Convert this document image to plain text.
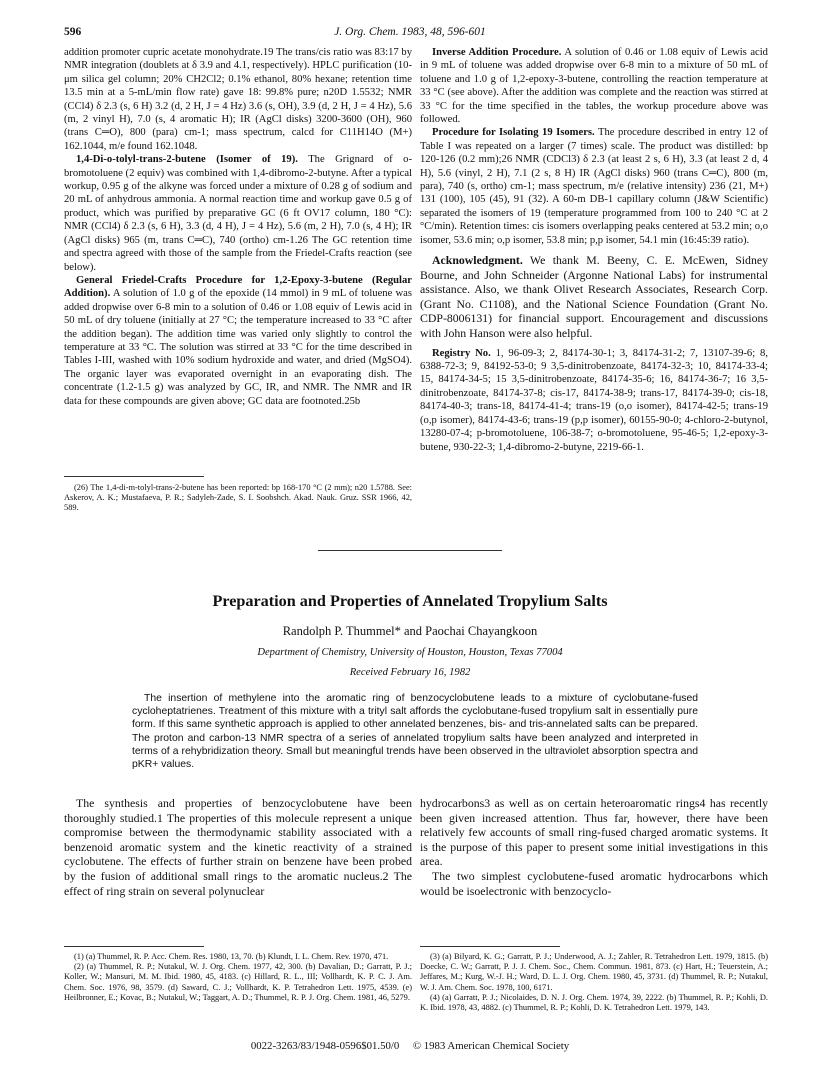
596	J. Org. Chem. 1983, 48, 596-601

addition promoter cupric acetate monohydrate.19 The trans/cis ratio was 83:17 by NMR integration (doublets at δ 3.9 and 4.1, respectively). HPLC purification (10-μm silica gel column; 20% CH2Cl2; 0.1% ethanol, 80% hexane; retention time 13.5 min at a 5-mL/min flow rate) gave 18: 99.8% pure; n20D 1.5532; NMR (CCl4) δ 2.3 (s, 6 H) 3.2 (d, 2 H, J = 4 Hz) 3.6 (s, OH), 3.9 (d, 2 H, J = 4 Hz), 5.6 (m, 2 vinyl H), 7.0 (s, 4 aromatic H); IR (AgCl disks) 3200-3600 (OH), 960 (trans C═O), 800 (para) cm-1; mass spectrum, calcd for C11H14O (M+) 162.1044, m/e found 162.1048.

1,4-Di-o-tolyl-trans-2-butene (Isomer of 19). The Grignard of o-bromotoluene (2 equiv) was combined with 1,4-dibromo-2-butyne. After a typical workup, 0.95 g of the alkyne was forced under a mixture of 0.28 g of sodium and 20 mL of anhydrous ammonia. A normal reaction time and workup gave 0.5 g of product, which was purified by preparative GC (6 ft OV17 column, 180 °C): NMR (CCl4) δ 2.3 (s, 6 H), 3.3 (d, 4 H), J = 4 Hz), 5.6 (m, 2 H), 7.0 (s, 4 H); IR (AgCl disks) 965 (m, trans C═C), 740 (ortho) cm-1.26 The GC retention time and spectra agreed with those of the sample from the Friedel-Crafts reaction (see below).

General Friedel-Crafts Procedure for 1,2-Epoxy-3-butene (Regular Addition). A solution of 1.0 g of the epoxide (14 mmol) in 9 mL of toluene was added dropwise over 6-8 min to a solution of 0.46 or 1.08 equiv of Lewis acid in 50 mL of dry toluene (initially at 27 °C; the temperature increased to 33 °C after the addition began). The addition time was varied only slightly to control the temperature at 33 °C. The solution was stirred at 33 °C for the time described in Tables I-III, washed with 10% sodium hydroxide and water, and dried (MgSO4). The organic layer was evaporated overnight in an evaporating dish. The concentrate (1.2-1.5 g) was analyzed by GC, IR, and NMR. The NMR and IR data for these compounds are given above; GC data are footnoted.25b

(26) The 1,4-di-m-tolyl-trans-2-butene has been reported: bp 168-170 °C (2 mm); n20 1.5788. See: Askerov, A. K.; Mustafaeva, P. R.; Sadyleh-Zade, S. I. Soobshch. Akad. Nauk. Gruz. SSR 1966, 42, 589.

Inverse Addition Procedure. A solution of 0.46 or 1.08 equiv of Lewis acid in 9 mL of toluene was added dropwise over 6-8 min to a mixture of 50 mL of toluene and 1.0 g of 1,2-epoxy-3-butene, controlling the reaction temperature at 33 °C (see above). After the addition was complete and the reaction was stirred at 33 °C for the time specified in the tables, the workup procedure above was followed.

Procedure for Isolating 19 Isomers. The procedure described in entry 12 of Table I was repeated on a larger (7 times) scale. The product was distilled: bp 120-126 (0.2 mm);26 NMR (CDCl3) δ 2.3 (at least 2 s, 6 H), 3.3 (at least 2 d, 4 H), 5.6 (vinyl, 2 H), 7.1 (2 s, 8 H) IR (AgCl disks) 960 (trans C═C), 800 (m, para), 740 (s, ortho) cm-1; mass spectrum, m/e (relative intensity) 236 (21, M+) 131 (100), 105 (45), 91 (32). A 60-m DB-1 capillary column (J&W Scientific) separated the isomers of 19 (temperature programmed from 100 to 240 °C at 2 °C/min). Retention times: cis isomers overlapping peaks centered at 53.2 min; o,o isomer, 53.6 min; o,p isomer, 53.8 min; p,p isomer, 54.1 min (16:45:39 ratio).

Acknowledgment. We thank M. Beeny, C. E. McEwen, Sidney Bourne, and John Schneider (Argonne National Labs) for instrumental assistance. Also, we thank Olivet Research Associates, Research Corp. (Grant No. C1108), and the National Science Foundation (Grant No. CDP-8006131) for financial support. Encouragement and discussions with John Hanson were also helpful.

Registry No. 1, 96-09-3; 2, 84174-30-1; 3, 84174-31-2; 7, 13107-39-6; 8, 6388-72-3; 9, 84192-53-0; 9 3,5-dinitrobenzoate, 84174-32-3; 10, 84174-33-4; 15, 84174-34-5; 15 3,5-dinitrobenzoate, 84174-35-6; 16, 84174-36-7; 16 3,5-dinitrobenzoate, 84174-37-8; cis-17, 84174-38-9; trans-17, 84174-39-0; cis-18, 84174-40-3; trans-18, 84174-41-4; trans-19 (o,o isomer), 84174-42-5; trans-19 (o,p isomer), 84174-43-6; trans-19 (p,p isomer), 60155-90-0; 4-chloro-2-butynol, 13280-07-4; p-bromotoluene, 106-38-7; o-bromotoluene, 95-46-5; 1,2-epoxy-3-butene, 930-22-3; 1,4-dibromo-2-butyne, 2219-66-1.

Preparation and Properties of Annelated Tropylium Salts
Randolph P. Thummel* and Paochai Chayangkoon
Department of Chemistry, University of Houston, Houston, Texas 77004
Received February 16, 1982

The insertion of methylene into the aromatic ring of benzocyclobutene leads to a mixture of cyclobutane-fused cycloheptatrienes. Treatment of this mixture with a trityl salt affords the cyclobutane-fused tropylium salt in essentially pure form. If this same synthetic approach is applied to other annelated benzenes, bis- and tris-annelated salts can be prepared. The proton and carbon-13 NMR spectra of a series of annelated tropylium salts have been analyzed and interpreted in terms of a rehybridization theory. Small but meaningful trends have been observed in the ultraviolet absorption spectra and pKR+ values.

The synthesis and properties of benzocyclobutene have been thoroughly studied.1 The properties of this molecule represent a unique compromise between the thermodynamic stability associated with a benzenoid aromatic system and the kinetic reactivity of a strained cyclobutene. The effects of further strain on benzene have been probed by the fusion of additional small rings to the aromatic nucleus.2 The effect of ring strain on several polynuclear

hydrocarbons3 as well as on certain heteroaromatic rings4 has recently been given increased attention. Thus far, however, there have been relatively few accounts of small ring-fused charged aromatic systems. It is the purpose of this paper to present some initial investigations in this area.

The two simplest cyclobutene-fused aromatic hydrocarbons which would be isoelectronic with benzocyclo-

(1) (a) Thummel, R. P. Acc. Chem. Res. 1980, 13, 70. (b) Klundt, I. L. Chem. Rev. 1970, 471.

(2) (a) Thummel, R. P.; Nutakul, W. J. Org. Chem. 1977, 42, 300. (b) Davalian, D.; Garratt, P. J.; Koller, W.; Mansuri, M. M. Ibid. 1980, 45, 4183. (c) Hillard, R. L., III; Vollhardt, K. P. C. J. Am. Chem. Soc. 1976, 98, 3579. (d) Saward, C. J.; Vollhardt, K. P. Tetrahedron Lett. 1975, 4539. (e) Heilbronner, E.; Kovac, B.; Nutakul, W.; Taggart, A. D.; Thummel, R. P. J. Org. Chem. 1981, 46, 5279.

(3) (a) Bilyard, K. G.; Garratt, P. J.; Underwood, A. J.; Zahler, R. Tetrahedron Lett. 1979, 1815. (b) Doecke, C. W.; Garratt, P. J. J. Chem. Soc., Chem. Commun. 1981, 873. (c) Hart, H.; Teuerstein, A.; Jeffares, M.; Kurg, W.-J. H.; Ward, D. L. J. Org. Chem. 1980, 45, 3731. (d) Thummel, R. P.; Nutakul, W. J. Am. Chem. Soc. 1978, 100, 6171.

(4) (a) Garratt, P. J.; Nicolaides, D. N. J. Org. Chem. 1974, 39, 2222. (b) Thummel, R. P.; Kohli, D. K. Ibid. 1978, 43, 4882. (c) Thummel, R. P.; Kohli, D. K. Tetrahedron Lett. 1979, 143.

0022-3263/83/1948-0596$01.50/0 © 1983 American Chemical Society
